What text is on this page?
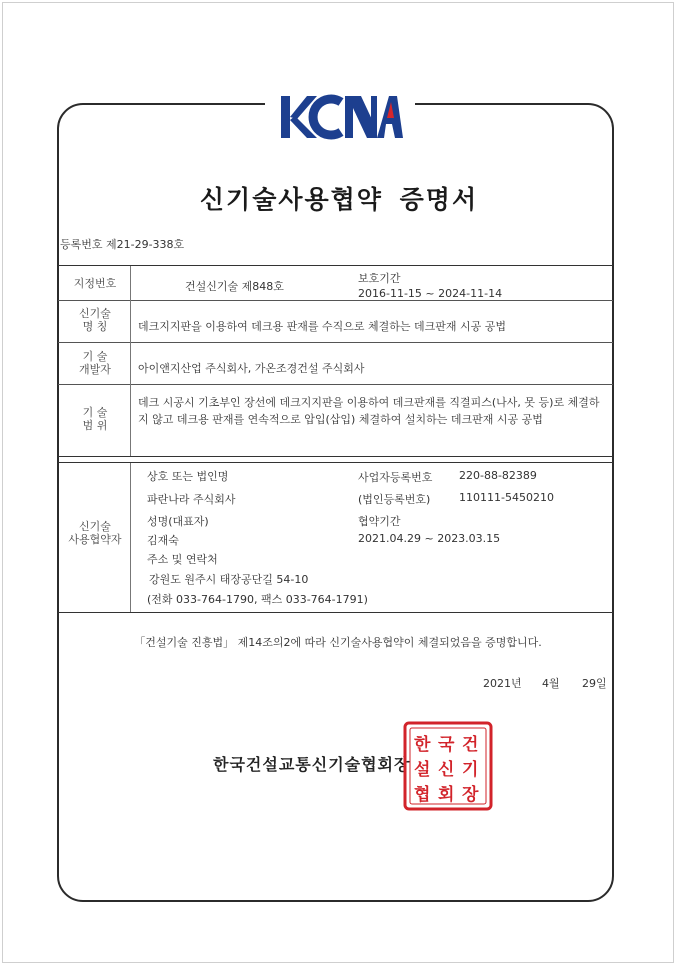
신기술사용협약 증명서
등록번호 제21-29-338호
지정번호	건설신기술 제848호
보호기간
2016-11-15 ~ 2024-11-14
신기술
명 칭	데크지지판을 이용하여 데크용 판재를 수직으로 체결하는 데크판재 시공 공법
기 술
개발자	아이앤지산업 주식회사, 가온조경건설 주식회사
기 술
범 위
데크 시공시 기초부인 장선에 데크지지판을 이용하여 데크판재를 직결피스(나사, 못 등)로 체결하지 않고 데크용 판재를 연속적으로 압입(삽입) 체결하여 설치하는 데크판재 시공 공법
신기술
사용협약자
상호 또는 법인명
파란나라 주식회사
성명(대표자)
김재숙
주소 및 연락처
강원도 원주시 태장공단길 54-10
(전화 033-764-1790, 팩스 033-764-1791)
사업자등록번호 220-88-82389
(법인등록번호)	110111-5450210
협약기간
2021.04.29 ~ 2023.03.15
「건설기술 진흥법」 제14조의2에 따라 신기술사용협약이 체결되었음을 증명합니다.
2021년 4월 29일
한국건설교통신기술협회장
한 국 건
설 신 기
협 회 장
